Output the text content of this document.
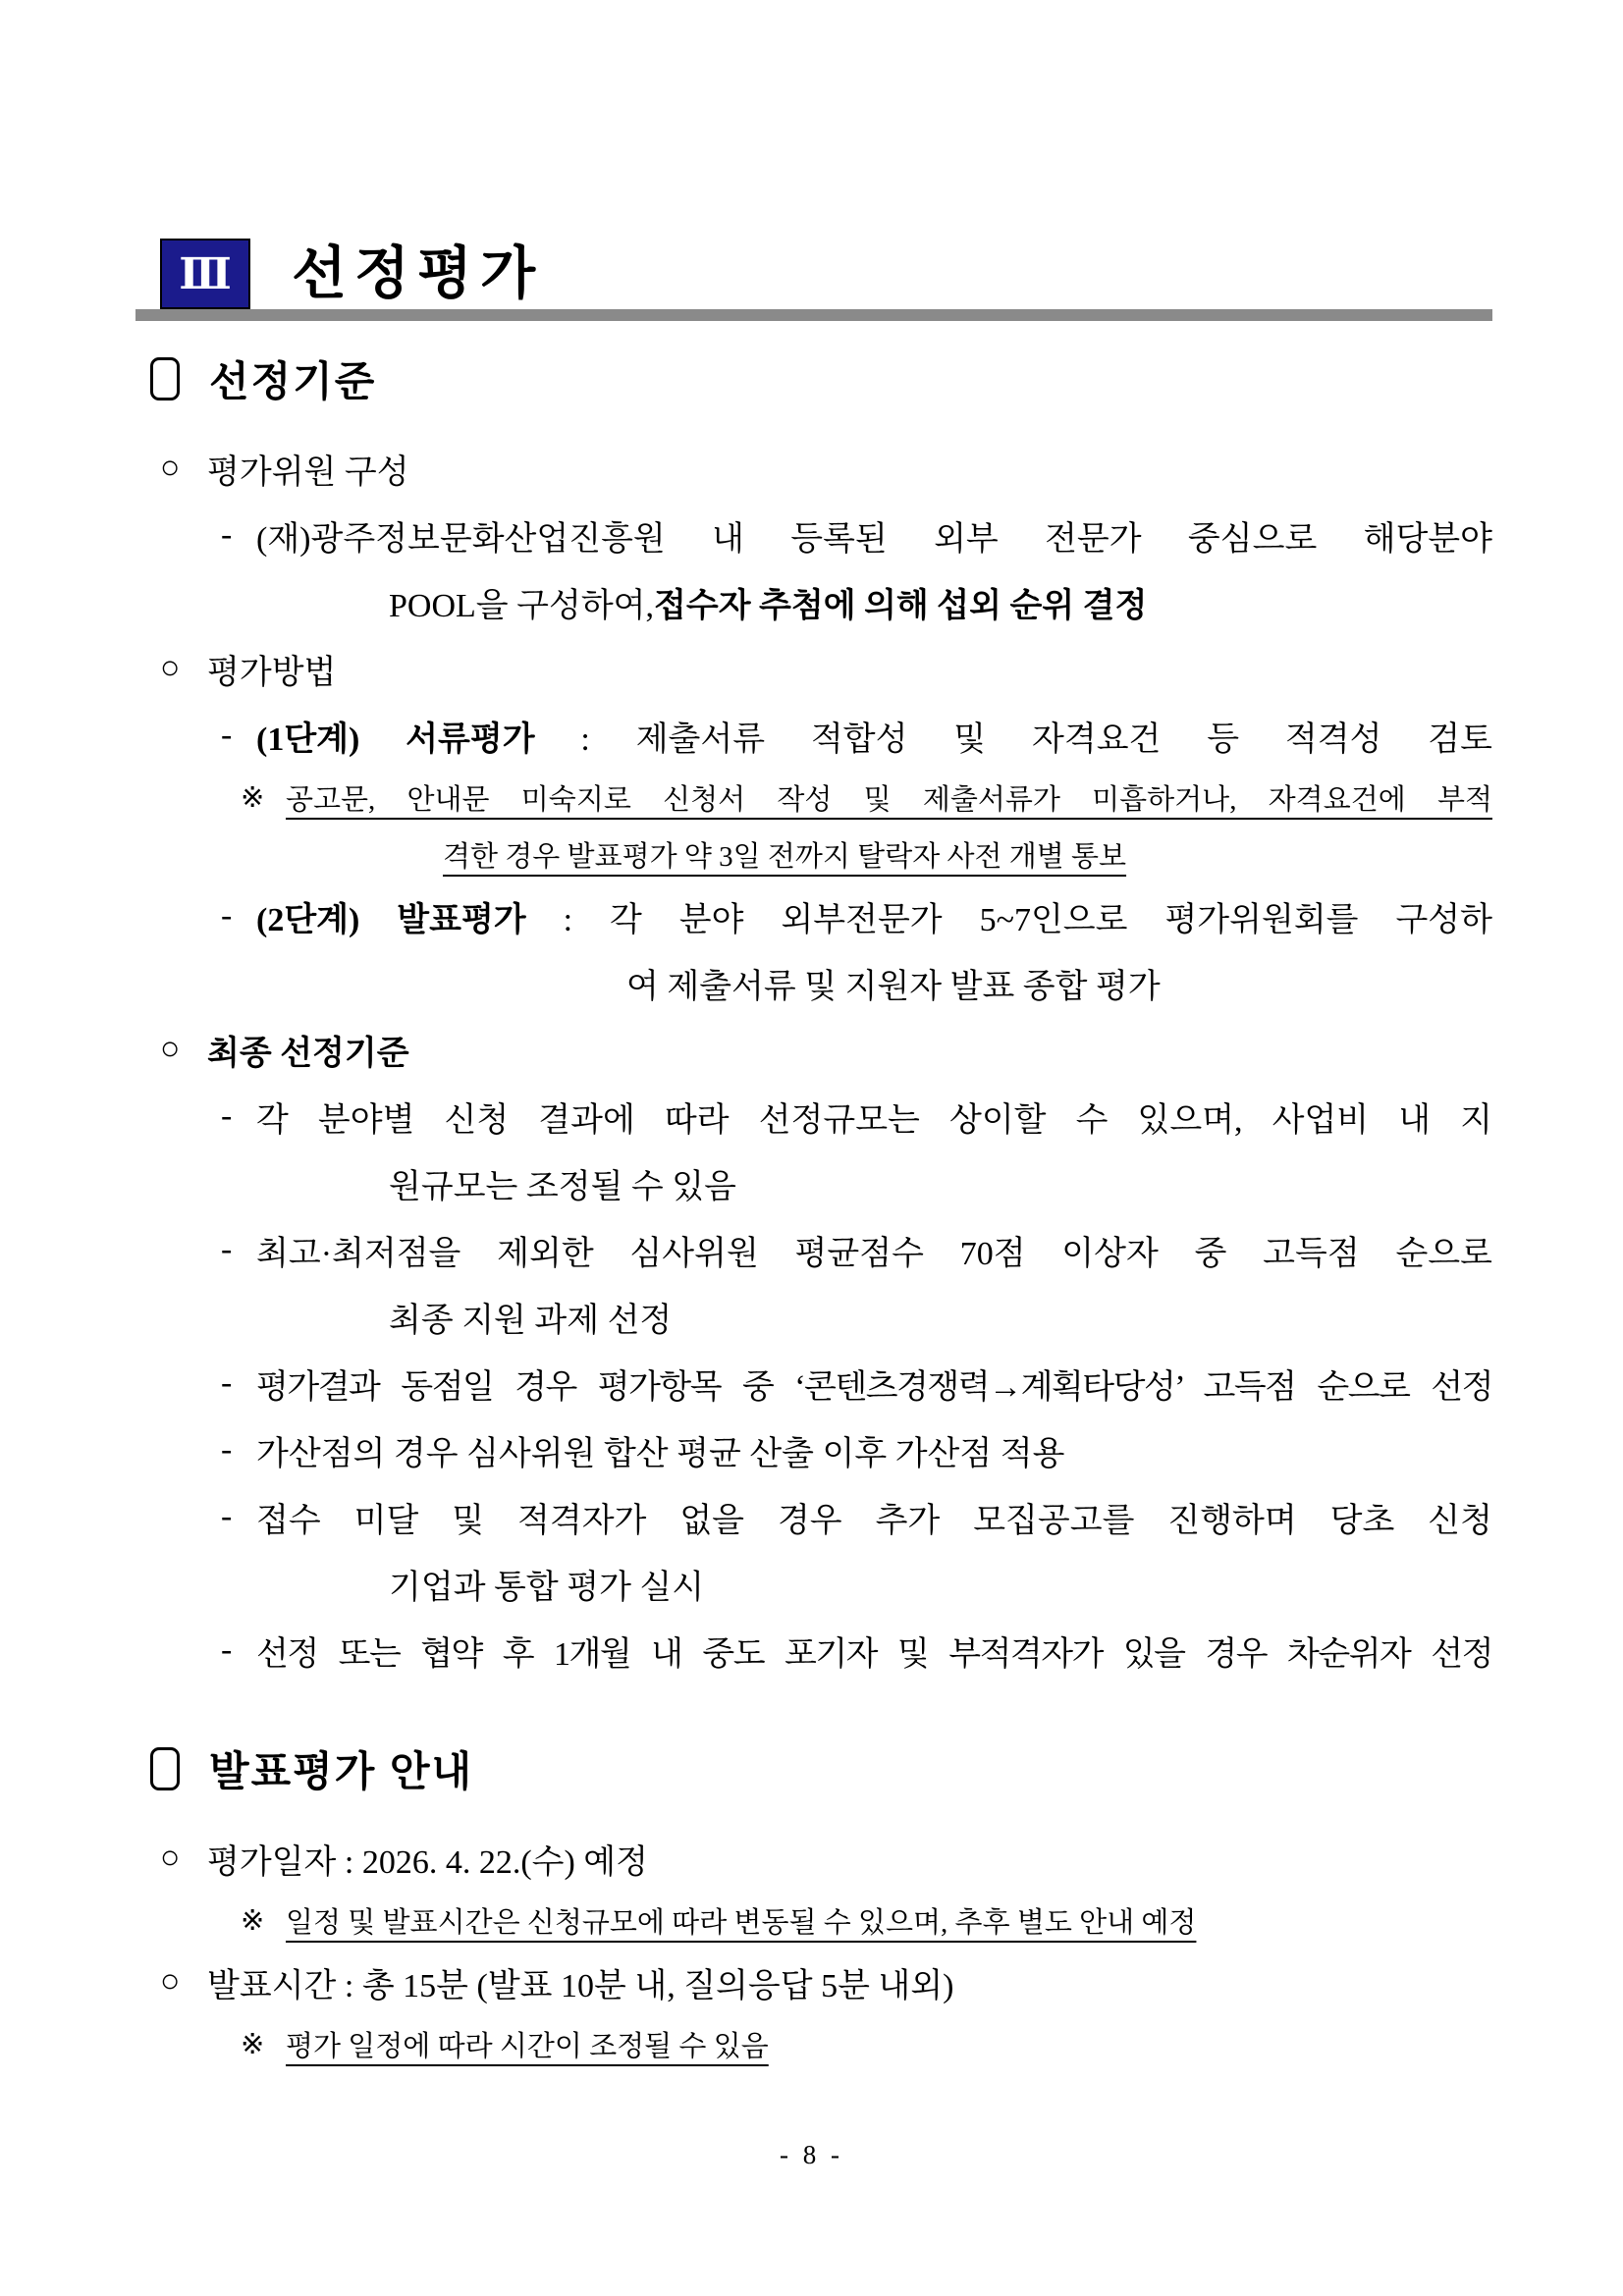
Ⅲ 선정평가
선정기준
○ 평가위원 구성
- (재)광주정보문화산업진흥원 내 등록된 외부 전문가 중심으로 해당분야
POOL을 구성하여, 접수자 추첨에 의해 섭외 순위 결정
○ 평가방법
- (1단계) 서류평가 : 제출서류 적합성 및 자격요건 등 적격성 검토
※ 공고문, 안내문 미숙지로 신청서 작성 및 제출서류가 미흡하거나, 자격요건에 부적
격한 경우 발표평가 약 3일 전까지 탈락자 사전 개별 통보
- (2단계) 발표평가 : 각 분야 외부전문가 5~7인으로 평가위원회를 구성하
여 제출서류 및 지원자 발표 종합 평가
○ 최종 선정기준
- 각 분야별 신청 결과에 따라 선정규모는 상이할 수 있으며, 사업비 내 지
원규모는 조정될 수 있음
- 최고·최저점을 제외한 심사위원 평균점수 70점 이상자 중 고득점 순으로
최종 지원 과제 선정
- 평가결과 동점일 경우 평가항목 중 ‘콘텐츠경쟁력→계획타당성’ 고득점 순으로 선정
- 가산점의 경우 심사위원 합산 평균 산출 이후 가산점 적용
- 접수 미달 및 적격자가 없을 경우 추가 모집공고를 진행하며 당초 신청
기업과 통합 평가 실시
- 선정 또는 협약 후 1개월 내 중도 포기자 및 부적격자가 있을 경우 차순위자 선정
발표평가 안내
○ 평가일자 : 2026. 4. 22.(수) 예정
※ 일정 및 발표시간은 신청규모에 따라 변동될 수 있으며, 추후 별도 안내 예정
○ 발표시간 : 총 15분 (발표 10분 내, 질의응답 5분 내외)
※ 평가 일정에 따라 시간이 조정될 수 있음
- 8 -
